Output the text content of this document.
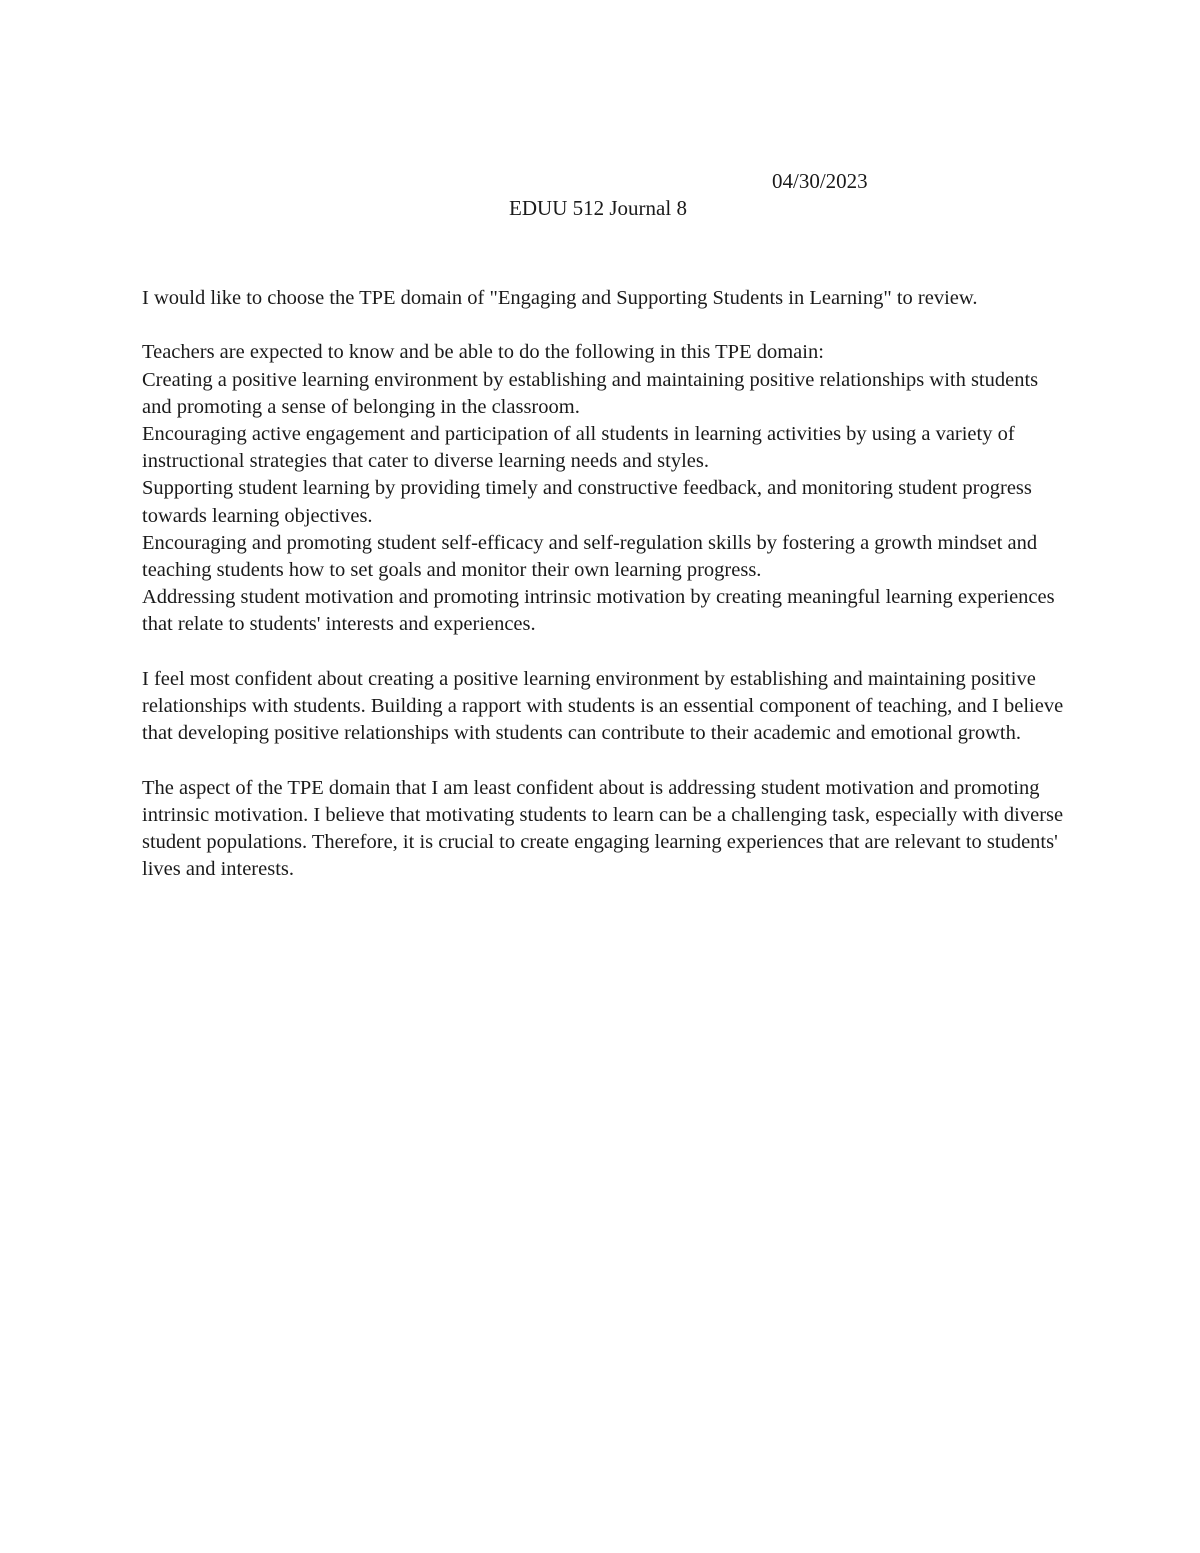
04/30/2023
EDUU 512 Journal 8

I would like to choose the TPE domain of "Engaging and Supporting Students in Learning" to review.

Teachers are expected to know and be able to do the following in this TPE domain:

Creating a positive learning environment by establishing and maintaining positive relationships with students and promoting a sense of belonging in the classroom.

Encouraging active engagement and participation of all students in learning activities by using a variety of instructional strategies that cater to diverse learning needs and styles.

Supporting student learning by providing timely and constructive feedback, and monitoring student progress towards learning objectives.

Encouraging and promoting student self-efficacy and self-regulation skills by fostering a growth mindset and teaching students how to set goals and monitor their own learning progress.

Addressing student motivation and promoting intrinsic motivation by creating meaningful learning experiences that relate to students' interests and experiences.

I feel most confident about creating a positive learning environment by establishing and maintaining positive relationships with students. Building a rapport with students is an essential component of teaching, and I believe that developing positive relationships with students can contribute to their academic and emotional growth.

The aspect of the TPE domain that I am least confident about is addressing student motivation and promoting intrinsic motivation. I believe that motivating students to learn can be a challenging task, especially with diverse student populations. Therefore, it is crucial to create engaging learning experiences that are relevant to students' lives and interests.
